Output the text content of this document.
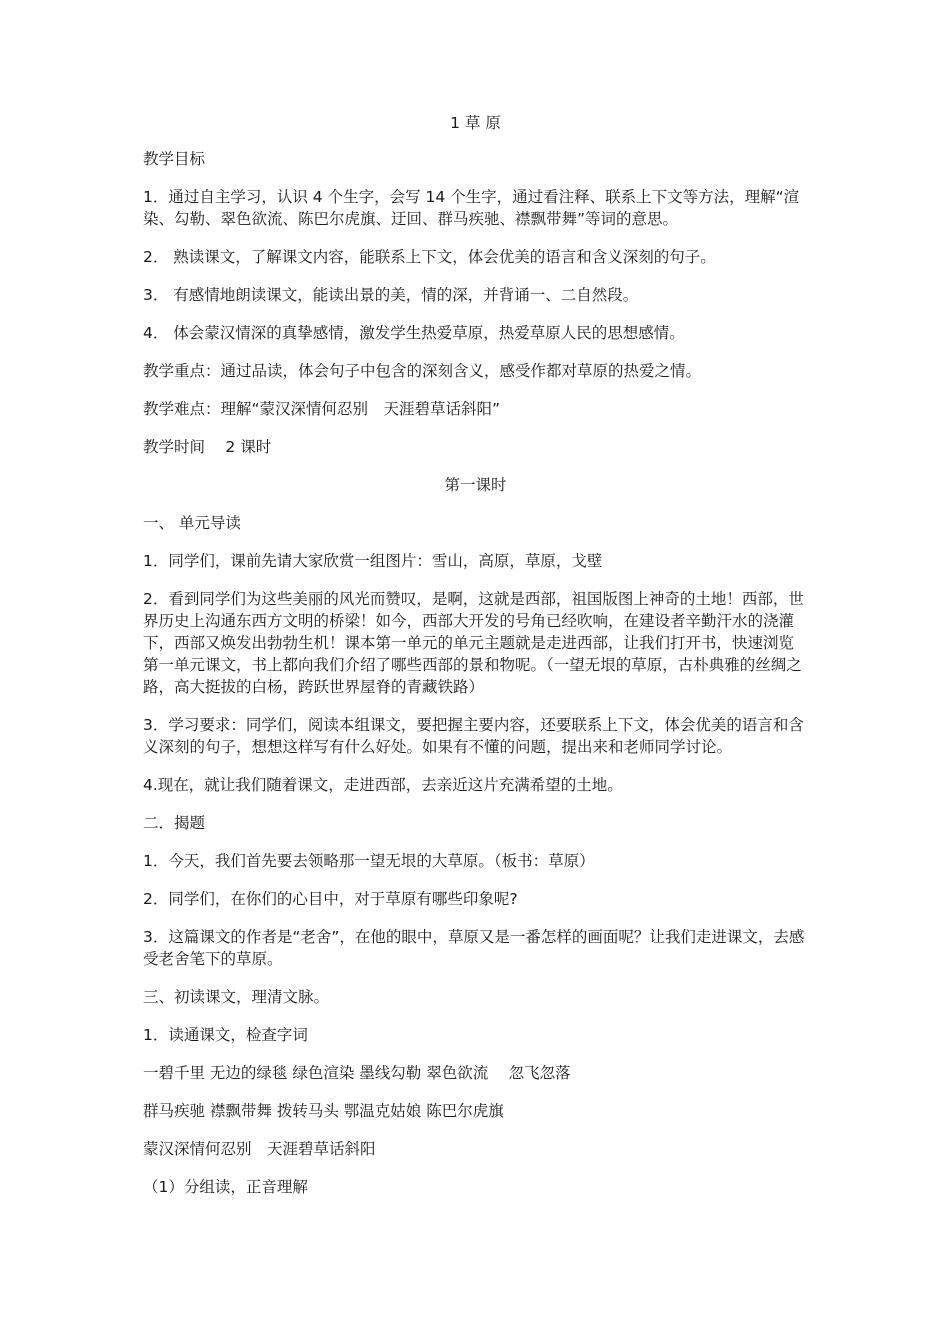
1 草 原

教学目标

1．通过自主学习，认识 4 个生字，会写 14 个生字，通过看注释、联系上下文等方法，理解“渲染、勾勒、翠色欲流、陈巴尔虎旗、迂回、群马疾驰、襟飘带舞”等词的意思。

2． 熟读课文，了解课文内容，能联系上下文，体会优美的语言和含义深刻的句子。

3． 有感情地朗读课文，能读出景的美，情的深，并背诵一、二自然段。

4． 体会蒙汉情深的真挚感情，激发学生热爱草原，热爱草原人民的思想感情。

教学重点：通过品读，体会句子中包含的深刻含义，感受作都对草原的热爱之情。

教学难点：理解“蒙汉深情何忍别　天涯碧草话斜阳”

教学时间　 2 课时

第一课时

一、 单元导读

1．同学们，课前先请大家欣赏一组图片：雪山，高原，草原，戈壁

2．看到同学们为这些美丽的风光而赞叹，是啊，这就是西部，祖国版图上神奇的土地！西部，世界历史上沟通东西方文明的桥梁！如今，西部大开发的号角已经吹响，在建设者辛勤汗水的浇灌下，西部又焕发出勃勃生机！课本第一单元的单元主题就是走进西部，让我们打开书，快速浏览第一单元课文，书上都向我们介绍了哪些西部的景和物呢。（一望无垠的草原，古朴典雅的丝绸之路，高大挺拔的白杨，跨跃世界屋脊的青藏铁路）

3．学习要求：同学们，阅读本组课文，要把握主要内容，还要联系上下文，体会优美的语言和含义深刻的句子，想想这样写有什么好处。如果有不懂的问题，提出来和老师同学讨论。

4.现在，就让我们随着课文，走进西部，去亲近这片充满希望的土地。

二．揭题

1．今天，我们首先要去领略那一望无垠的大草原。（板书：草原）

2．同学们，在你们的心目中，对于草原有哪些印象呢?

3．这篇课文的作者是“老舍”，在他的眼中，草原又是一番怎样的画面呢？让我们走进课文，去感受老舍笔下的草原。

三、初读课文，理清文脉。

1．读通课文，检查字词

一碧千里 无边的绿毯 绿色渲染 墨线勾勒 翠色欲流　 忽飞忽落

群马疾驰 襟飘带舞 拨转马头 鄂温克姑娘 陈巴尔虎旗

蒙汉深情何忍别　天涯碧草话斜阳

（1）分组读，正音理解
